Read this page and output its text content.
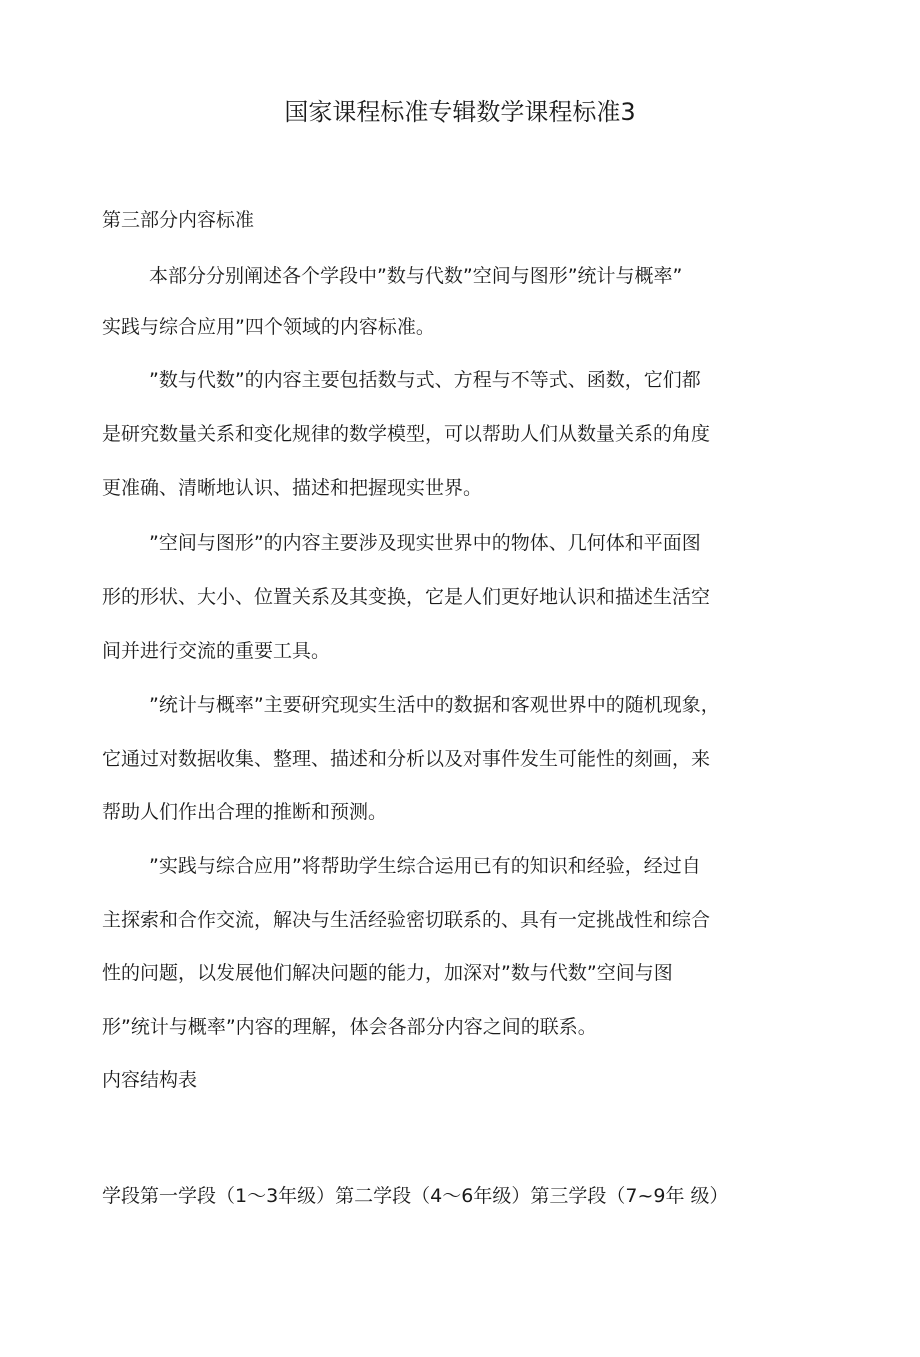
国家课程标准专辑数学课程标准3
第三部分内容标准
本部分分别阐述各个学段中”数与代数”空间与图形”统计与概率”
实践与综合应用”四个领域的内容标准。
”数与代数”的内容主要包括数与式、方程与不等式、函数，它们都
是研究数量关系和变化规律的数学模型，可以帮助人们从数量关系的角度
更准确、清晰地认识、描述和把握现实世界。
”空间与图形”的内容主要涉及现实世界中的物体、几何体和平面图
形的形状、大小、位置关系及其变换，它是人们更好地认识和描述生活空
间并进行交流的重要工具。
”统计与概率”主要研究现实生活中的数据和客观世界中的随机现象，
它通过对数据收集、整理、描述和分析以及对事件发生可能性的刻画，来
帮助人们作出合理的推断和预测。
”实践与综合应用”将帮助学生综合运用已有的知识和经验，经过自
主探索和合作交流，解决与生活经验密切联系的、具有一定挑战性和综合
性的问题，以发展他们解决问题的能力，加深对”数与代数”空间与图
形”统计与概率”内容的理解，体会各部分内容之间的联系。
内容结构表
学段第一学段（1～3年级）第二学段（4～6年级）第三学段（7~9年 级）
